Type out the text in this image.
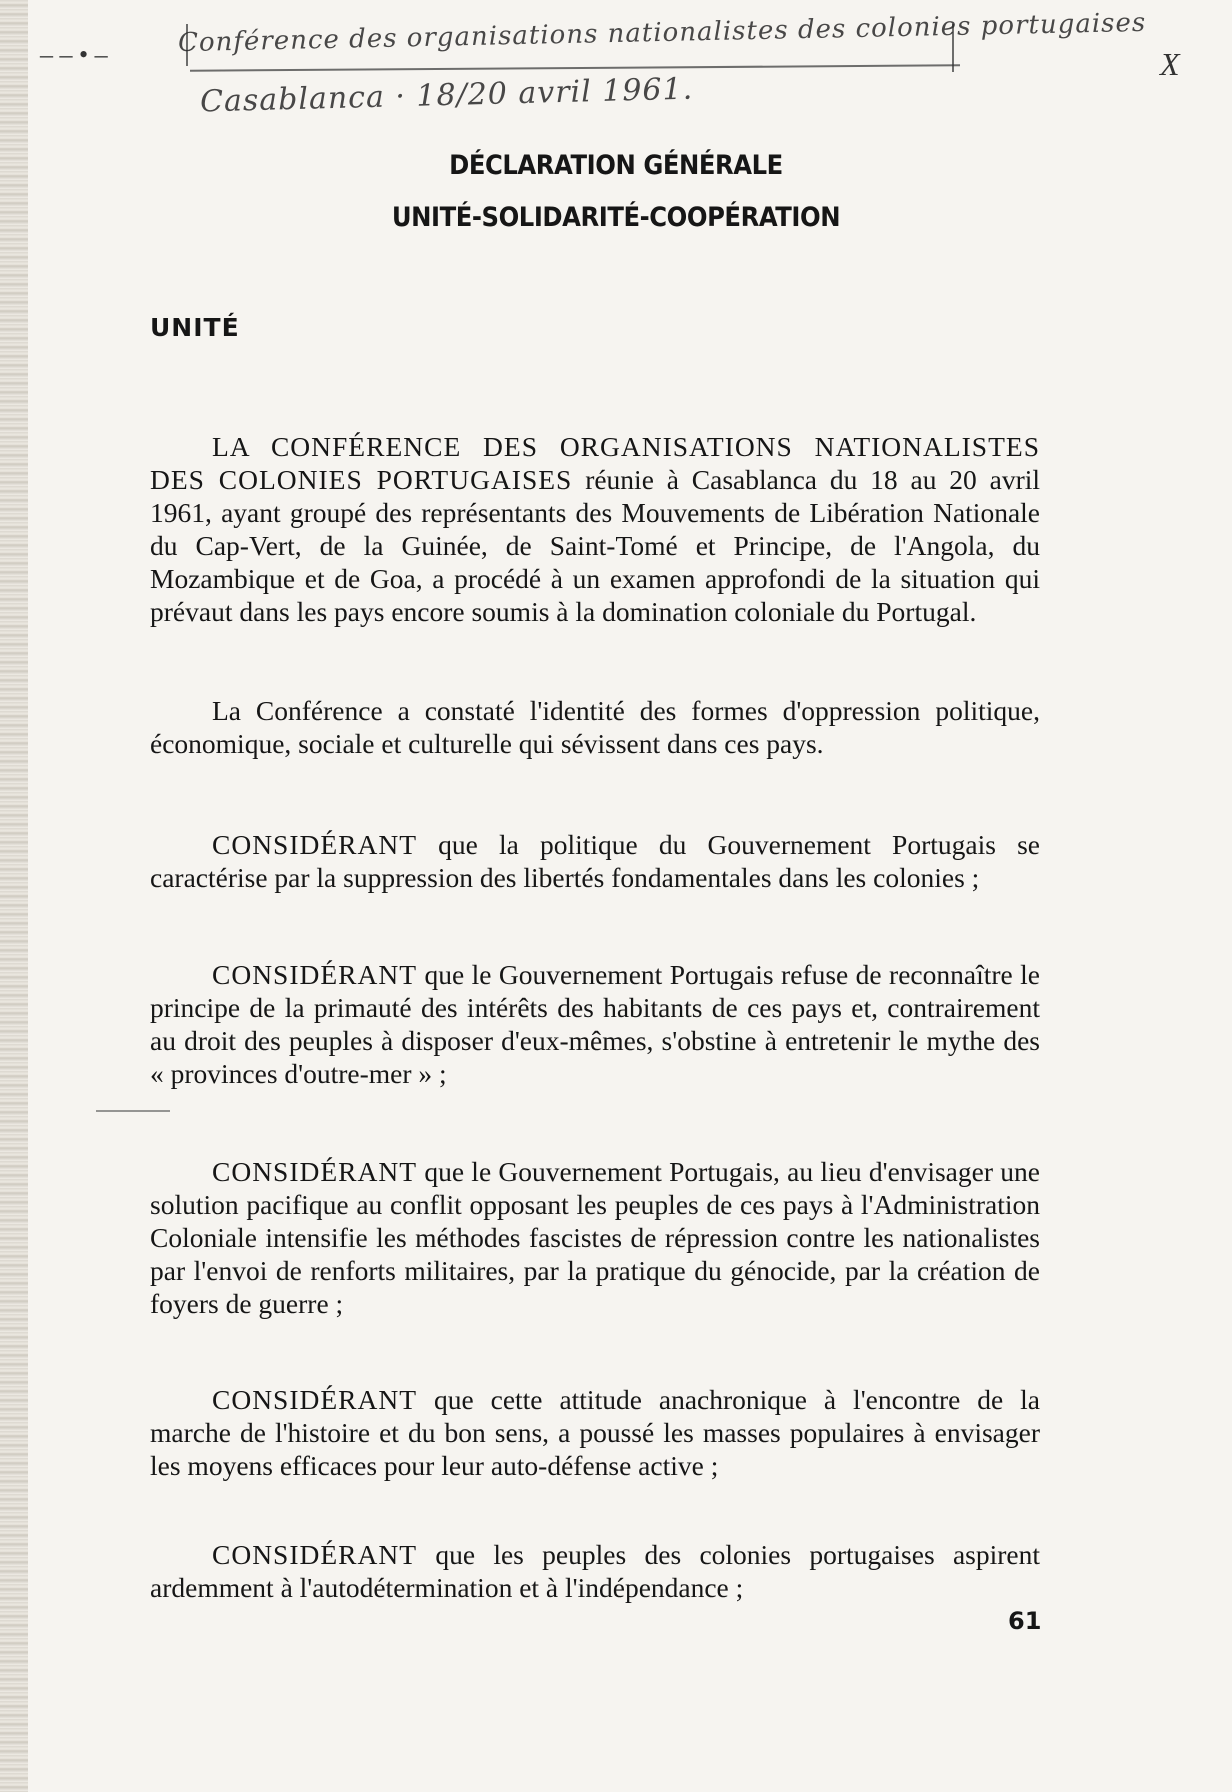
– – • –	Conférence des organisations nationalistes des colonies portugaises
Casablanca · 18/20 avril 1961.
X
DÉCLARATION GÉNÉRALE
UNITÉ-SOLIDARITÉ-COOPÉRATION
UNITÉ

LA CONFÉRENCE DES ORGANISATIONS NATIONALISTES DES COLONIES PORTUGAISES réunie à Casablanca du 18 au 20 avril 1961, ayant groupé des représentants des Mouvements de Libération Nationale du Cap-Vert, de la Guinée, de Saint-Tomé et Principe, de l'Angola, du Mozambique et de Goa, a procédé à un examen approfondi de la situation qui prévaut dans les pays encore soumis à la domination coloniale du Portugal.

La Conférence a constaté l'identité des formes d'oppression politique, économique, sociale et culturelle qui sévissent dans ces pays.

CONSIDÉRANT que la politique du Gouvernement Portugais se caractérise par la suppression des libertés fondamentales dans les colonies ;

CONSIDÉRANT que le Gouvernement Portugais refuse de reconnaître le principe de la primauté des intérêts des habitants de ces pays et, contrairement au droit des peuples à disposer d'eux-mêmes, s'obstine à entretenir le mythe des « provinces d'outre-mer » ;

CONSIDÉRANT que le Gouvernement Portugais, au lieu d'envisager une solution pacifique au conflit opposant les peuples de ces pays à l'Administration Coloniale intensifie les méthodes fascistes de répression contre les nationalistes par l'envoi de renforts militaires, par la pratique du génocide, par la création de foyers de guerre ;

CONSIDÉRANT que cette attitude anachronique à l'encontre de la marche de l'histoire et du bon sens, a poussé les masses populaires à envisager les moyens efficaces pour leur auto-défense active ;

CONSIDÉRANT que les peuples des colonies portugaises aspirent ardemment à l'autodétermination et à l'indépendance ;

61
